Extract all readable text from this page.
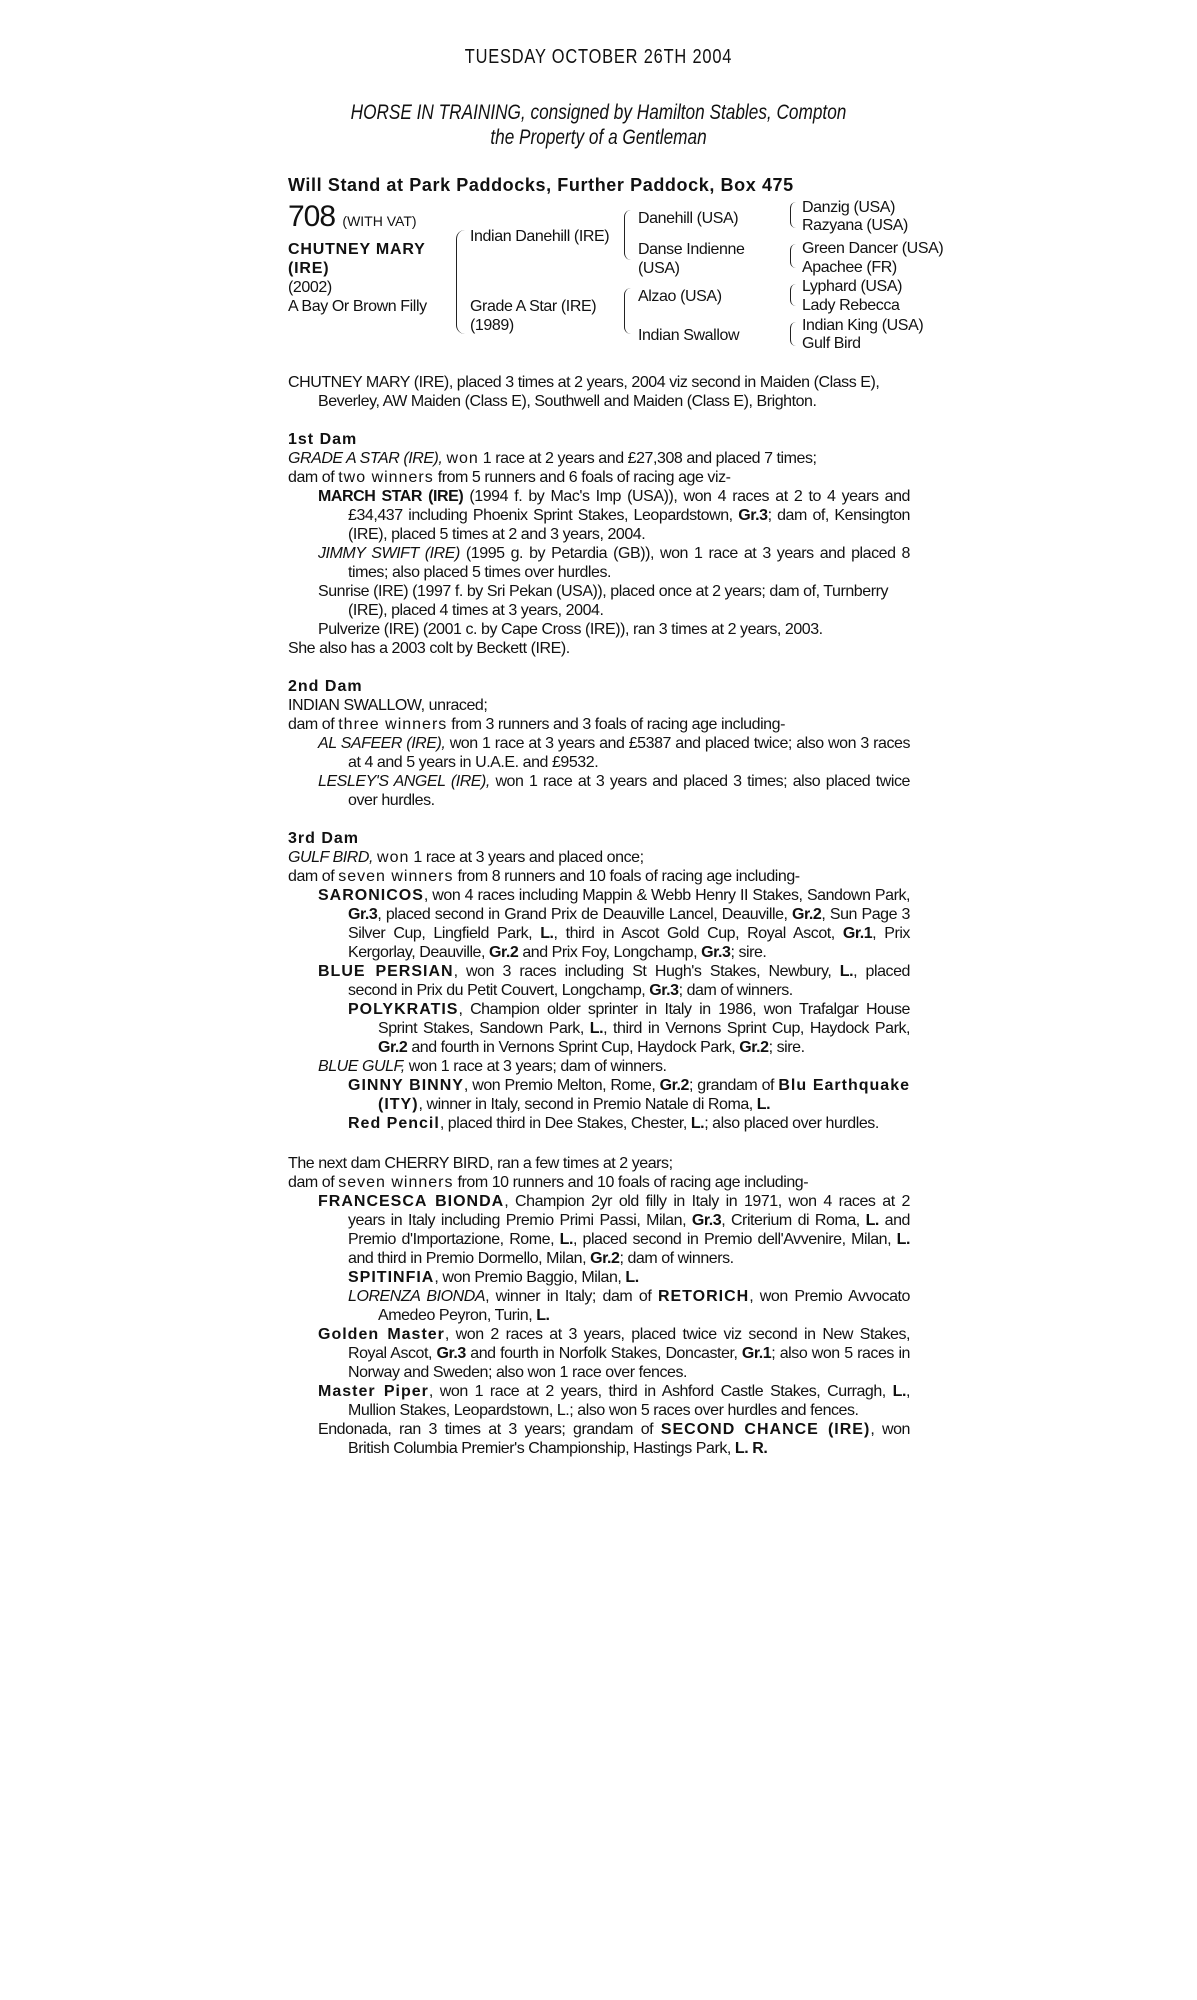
TUESDAY OCTOBER 26TH 2004
HORSE IN TRAINING, consigned by Hamilton Stables, Compton
the Property of a Gentleman
Will Stand at Park Paddocks, Further Paddock, Box 475
708 (WITH VAT)
CHUTNEY MARY
(IRE)
(2002)
A Bay Or Brown Filly
Indian Danehill (IRE)
Grade A Star (IRE)
(1989)
Danehill (USA)
Danse Indienne
(USA)
Alzao (USA)
Indian Swallow
Danzig (USA)
Razyana (USA)
Green Dancer (USA)
Apachee (FR)
Lyphard (USA)
Lady Rebecca
Indian King (USA)
Gulf Bird

CHUTNEY MARY (IRE), placed 3 times at 2 years, 2004 viz second in Maiden (Class E),

Beverley, AW Maiden (Class E), Southwell and Maiden (Class E), Brighton.

1st Dam

GRADE A STAR (IRE), won 1 race at 2 years and £27,308 and placed 7 times;

dam of two winners from 5 runners and 6 foals of racing age viz-

MARCH STAR (IRE) (1994 f. by Mac's Imp (USA)), won 4 races at 2 to 4 years and £34,437 including Phoenix Sprint Stakes, Leopardstown, Gr.3; dam of, Kensington (IRE), placed 5 times at 2 and 3 years, 2004.

JIMMY SWIFT (IRE) (1995 g. by Petardia (GB)), won 1 race at 3 years and placed 8 times; also placed 5 times over hurdles.

Sunrise (IRE) (1997 f. by Sri Pekan (USA)), placed once at 2 years; dam of, Turnberry (IRE), placed 4 times at 3 years, 2004.

Pulverize (IRE) (2001 c. by Cape Cross (IRE)), ran 3 times at 2 years, 2003.

She also has a 2003 colt by Beckett (IRE).

2nd Dam

INDIAN SWALLOW, unraced;

dam of three winners from 3 runners and 3 foals of racing age including-

AL SAFEER (IRE), won 1 race at 3 years and £5387 and placed twice; also won 3 races at 4 and 5 years in U.A.E. and £9532.

LESLEY'S ANGEL (IRE), won 1 race at 3 years and placed 3 times; also placed twice over hurdles.

3rd Dam

GULF BIRD, won 1 race at 3 years and placed once;

dam of seven winners from 8 runners and 10 foals of racing age including-

SARONICOS, won 4 races including Mappin & Webb Henry II Stakes, Sandown Park, Gr.3, placed second in Grand Prix de Deauville Lancel, Deauville, Gr.2, Sun Page 3 Silver Cup, Lingfield Park, L., third in Ascot Gold Cup, Royal Ascot, Gr.1, Prix Kergorlay, Deauville, Gr.2 and Prix Foy, Longchamp, Gr.3; sire.

BLUE PERSIAN, won 3 races including St Hugh's Stakes, Newbury, L., placed second in Prix du Petit Couvert, Longchamp, Gr.3; dam of winners.

POLYKRATIS, Champion older sprinter in Italy in 1986, won Trafalgar House Sprint Stakes, Sandown Park, L., third in Vernons Sprint Cup, Haydock Park, Gr.2 and fourth in Vernons Sprint Cup, Haydock Park, Gr.2; sire.

BLUE GULF, won 1 race at 3 years; dam of winners.

GINNY BINNY, won Premio Melton, Rome, Gr.2; grandam of Blu Earthquake (ITY), winner in Italy, second in Premio Natale di Roma, L.

Red Pencil, placed third in Dee Stakes, Chester, L.; also placed over hurdles.

The next dam CHERRY BIRD, ran a few times at 2 years;

dam of seven winners from 10 runners and 10 foals of racing age including-

FRANCESCA BIONDA, Champion 2yr old filly in Italy in 1971, won 4 races at 2 years in Italy including Premio Primi Passi, Milan, Gr.3, Criterium di Roma, L. and Premio d'Importazione, Rome, L., placed second in Premio dell'Avvenire, Milan, L. and third in Premio Dormello, Milan, Gr.2; dam of winners.

SPITINFIA, won Premio Baggio, Milan, L.

LORENZA BIONDA, winner in Italy; dam of RETORICH, won Premio Avvocato Amedeo Peyron, Turin, L.

Golden Master, won 2 races at 3 years, placed twice viz second in New Stakes, Royal Ascot, Gr.3 and fourth in Norfolk Stakes, Doncaster, Gr.1; also won 5 races in Norway and Sweden; also won 1 race over fences.

Master Piper, won 1 race at 2 years, third in Ashford Castle Stakes, Curragh, L., Mullion Stakes, Leopardstown, L.; also won 5 races over hurdles and fences.

Endonada, ran 3 times at 3 years; grandam of SECOND CHANCE (IRE), won British Columbia Premier's Championship, Hastings Park, L. R.
